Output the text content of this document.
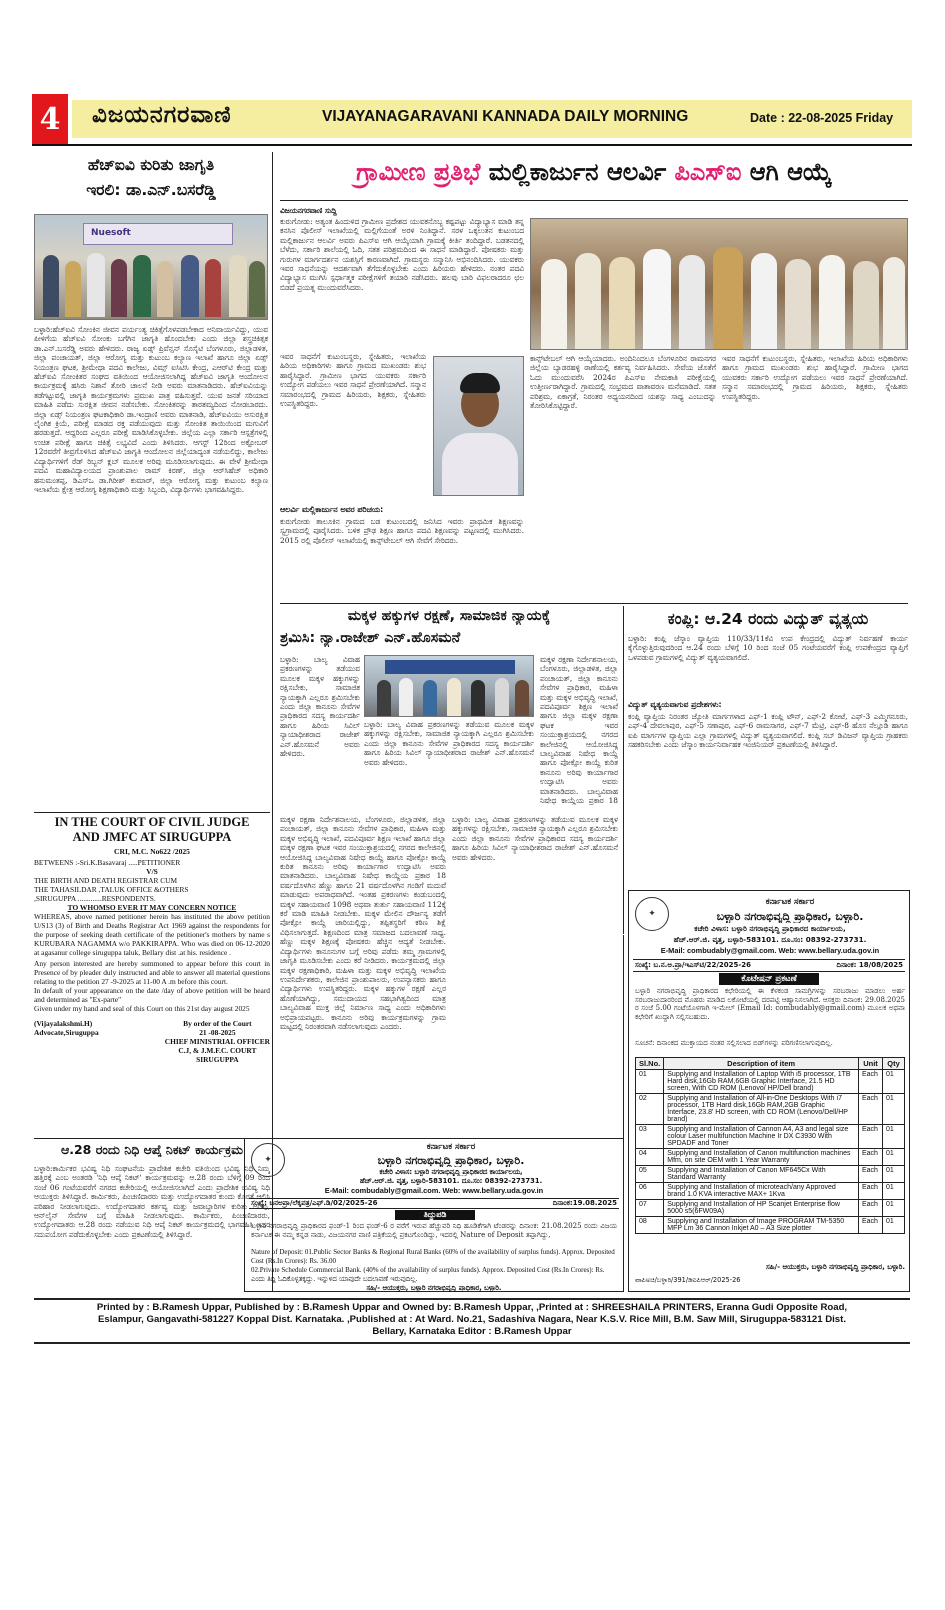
4	ವಿಜಯನಗರವಾಣಿ	VIJAYANAGARAVANI KANNADA DAILY MORNING	Date : 22-08-2025 Friday
ಹೆಚ್‌ಐವಿ ಕುರಿತು ಜಾಗೃತಿ
ಇರಲಿ: ಡಾ.ಎನ್.ಬಸರೆಡ್ಡಿ
Nuesoft
ಬಳ್ಳಾರಿ:ಹೆಚ್‌ಐವಿ ಸೋಂಕಿನ ಜೀವನ ಪರ್ಯಂತ್ಯ ಚಿಕಿತ್ಸೆಗೊಳಪಡಬೇಕಾದ ಅನಿವಾರ್ಯವಿದ್ದು, ಯುವ ಪೀಳಿಗೆಯ ಹೆಚ್‌ಐವಿ ಸೋಂಕು ಬಗೆಗಿನ ಜಾಗೃತಿ ಹೊಂದಬೇಕು ಎಂದು ಜಿಲ್ಲಾ ಶಸ್ತ್ರಚಿಕಿತ್ಸಕ ಡಾ.ಎನ್.ಬಸರೆಡ್ಡಿ ಅವರು ಹೇಳಿದರು. ರಾಜ್ಯ ಏಡ್ಸ್ ಪ್ರಿವೆನ್ಷನ್ ಸೊಸೈಟಿ ಬೆಂಗಳೂರು, ಜಿಲ್ಲಾಡಳಿತ, ಜಿಲ್ಲಾ ಪಂಚಾಯತ್, ಜಿಲ್ಲಾ ಆರೋಗ್ಯ ಮತ್ತು ಕುಟುಂಬ ಕಲ್ಯಾಣ ಇಲಾಖೆ ಹಾಗೂ ಜಿಲ್ಲಾ ಏಡ್ಸ್ ನಿಯಂತ್ರಣ ಘಟಕ, ಶ್ರೀಮೇಧಾ ಪದವಿ ಕಾಲೇಜು, ವಿಮ್ಸ್ ಐಸಿಟಿಸಿ ಕೇಂದ್ರ, ಎಆರ್‌ಟಿ ಕೇಂದ್ರ ಮತ್ತು ಹೆಚ್‌ಐವಿ ಸೋಂಕಿತರ ಸಂಘದ ವತಿಯಿಂದ ಆಯೋಜಿಸಲಾಗಿದ್ದ ಹೆಚ್‌ಐವಿ ಜಾಗೃತಿ ಆಂದೋಲನ ಕಾರ್ಯಕ್ರಮಕ್ಕೆ ಹಸಿರು ನಿಶಾನೆ ತೋರಿ ಚಾಲನೆ ನೀಡಿ ಅವರು ಮಾತನಾಡಿದರು. ಹೆಚ್‌ಐವಿಯನ್ನು ತಡೆಗಟ್ಟುವಲ್ಲಿ ಜಾಗೃತಿ ಕಾರ್ಯಕ್ರಮಗಳು ಪ್ರಮುಖ ಪಾತ್ರ ವಹಿಸುತ್ತವೆ. ಯುವ ಜನತೆ ಸರಿಯಾದ ಮಾಹಿತಿ ಪಡೆದು ಸುರಕ್ಷಿತ ಜೀವನ ನಡೆಸಬೇಕು. ಸೋಂಕಿತರನ್ನು ತಾರತಮ್ಯದಿಂದ ನೋಡಬಾರದು. ಜಿಲ್ಲಾ ಏಡ್ಸ್ ನಿಯಂತ್ರಣ ಘಟಕಾಧಿಕಾರಿ ಡಾ.ಇಂದ್ರಾಣಿ ಅವರು ಮಾತನಾಡಿ, ಹೆಚ್‌ಐವಿಯು ಅಸುರಕ್ಷಿತ ಲೈಂಗಿಕ ಕ್ರಿಯೆ, ಪರೀಕ್ಷೆ ಮಾಡದ ರಕ್ತ ಪಡೆಯುವುದು ಮತ್ತು ಸೋಂಕಿತ ತಾಯಿಯಿಂದ ಮಗುವಿಗೆ ಹರಡುತ್ತದೆ. ಆದ್ದರಿಂದ ಎಲ್ಲರೂ ಪರೀಕ್ಷೆ ಮಾಡಿಸಿಕೊಳ್ಳಬೇಕು. ಜಿಲ್ಲೆಯ ಎಲ್ಲಾ ಸರ್ಕಾರಿ ಆಸ್ಪತ್ರೆಗಳಲ್ಲಿ ಉಚಿತ ಪರೀಕ್ಷೆ ಹಾಗೂ ಚಿಕಿತ್ಸೆ ಲಭ್ಯವಿದೆ ಎಂದು ತಿಳಿಸಿದರು. ಆಗಸ್ಟ್ 12ರಿಂದ ಅಕ್ಟೋಬರ್ 12ರವರೆಗೆ ತೀವ್ರಗೊಳಿಸಿದ ಹೆಚ್‌ಐವಿ ಜಾಗೃತಿ ಆಂದೋಲನ ಜಿಲ್ಲೆಯಾದ್ಯಂತ ನಡೆಯಲಿದ್ದು, ಕಾಲೇಜು ವಿದ್ಯಾರ್ಥಿಗಳಿಗೆ ರೆಡ್ ರಿಬ್ಬನ್ ಕ್ಲಬ್ ಮೂಲಕ ಅರಿವು ಮೂಡಿಸಲಾಗುವುದು. ಈ ವೇಳೆ ಶ್ರೀಮೇಧಾ ಪದವಿ ಮಹಾವಿದ್ಯಾಲಯದ ಪ್ರಾಂಶುಪಾಲ ರಾಮ್ ಕಿರಣ್, ಜಿಲ್ಲಾ ಆರ್‌ಸಿಹೆಚ್ ಅಧಿಕಾರಿ ಹನುಮಂತಪ್ಪ, ಡಿಎಸ್‌ಒ ಡಾ.ಗಿರೀಶ್ ಕುಮಾರ್, ಜಿಲ್ಲಾ ಆರೋಗ್ಯ ಮತ್ತು ಕುಟುಂಬ ಕಲ್ಯಾಣ ಇಲಾಖೆಯ ಕ್ಷೇತ್ರ ಆರೋಗ್ಯ ಶಿಕ್ಷಣಾಧಿಕಾರಿ ಮತ್ತು ಸಿಬ್ಬಂದಿ, ವಿದ್ಯಾರ್ಥಿಗಳು ಭಾಗವಹಿಸಿದ್ದರು.
IN THE COURT OF CIVIL JUDGE
AND JMFC AT SIRUGUPPA
CRI, M.C. No622 /2025
BETWEENS :-Sri.K.Basavaraj .....PETITIONER
V/S
THE BIRTH AND DEATH REGISTRAR CUM
THE TAHASILDAR ,TALUK OFFICE &OTHERS
,SIRUGUPPA .............RESPONDENTS.
TO WHOMSO EVER IT MAY CONCERN NOTICE
WHEREAS, above named petitioner herein has instituted the above petition U/S13 (3) of Birth and Deaths Registrar Act 1969 against the respondents for the purpose of seeking death certificate of the petitioner's mothers by name s KURUBARA NAGAMMA w/o PAKKIRAPPA. Who was died on 06-12-2020 at agasanur college siruguppa taluk, Bellary dist .at his. residence .
Any person interested are hereby summoned to appear before this court in Presence of by pleader duly instructed and able to answer all material questions relating to the petition 27 -9-2025 at 11-00 A .m before this court.
In default of your appearance on the date /day of above petition will be heard and determined as "Ex-parte"
Given under my hand and seal of this Court on this 21st day august 2025
(Vijayalakshmi.H)
Advocate,Siruguppa
By order of the Court
21 -08-2025
CHIEF MINISTRIAL OFFICER
C.J, & J.M.F.C. COURT
SIRUGUPPA
ಆ.28 ರಂದು ನಿಧಿ ಆಪ್ಕೆ ನಿಕಟ್ ಕಾರ್ಯಕ್ರಮ
ಬಳ್ಳಾರಿ:ಕಾರ್ಮಿಕರ ಭವಿಷ್ಯ ನಿಧಿ ಸಂಘಟನೆಯ ಪ್ರಾದೇಶಿಕ ಕಚೇರಿ ವತಿಯಿಂದ ಭವಿಷ್ಯ ನಿಧಿ ನಿಮ್ಮ ಹತ್ತಿರಕ್ಕೆ ಎಂಬ ಅಂತರಡಿ 'ನಿಧಿ ಆಪ್ಕೆ ನಿಕಟ್' ಕಾರ್ಯಕ್ರಮವನ್ನು ಆ.28 ರಂದು ಬೆಳಿಗ್ಗೆ 09 ರಿಂದ ಸಂಜೆ 06 ಗಂಟೆಯವರೆಗೆ ನಗರದ ಕಚೇರಿಯಲ್ಲಿ ಆಯೋಜಿಸಲಾಗಿದೆ ಎಂದು ಪ್ರಾದೇಶಿಕ ಭವಿಷ್ಯ ನಿಧಿ ಆಯುಕ್ತರು ತಿಳಿಸಿದ್ದಾರೆ. ಕಾರ್ಮಿಕರು, ಪಿಂಚಣಿದಾರರು ಮತ್ತು ಉದ್ಯೋಗದಾತರ ಕುಂದು ಕೊರತೆ ಆಲಿಸಿ ಪರಿಹಾರ ನೀಡಲಾಗುವುದು. ಉದ್ಯೋಗದಾತರ ಕರ್ತವ್ಯ ಮತ್ತು ಜವಾಬ್ದಾರಿಗಳ ಕುರಿತು ಅರಿವು, ಆನ್‌ಲೈನ್ ಸೇವೆಗಳ ಬಗ್ಗೆ ಮಾಹಿತಿ ನೀಡಲಾಗುವುದು. ಕಾರ್ಮಿಕರು, ಪಿಂಚಣಿದಾರರು, ಉದ್ಯೋಗದಾತರು ಆ.28 ರಂದು ನಡೆಯುವ ನಿಧಿ ಆಪ್ಕೆ ನಿಕಟ್ ಕಾರ್ಯಕ್ರಮದಲ್ಲಿ ಭಾಗವಹಿಸಿ ಇದರ ಸದುಪಯೋಗ ಪಡೆದುಕೊಳ್ಳಬೇಕು ಎಂದು ಪ್ರಕಟಣೆಯಲ್ಲಿ ತಿಳಿಸಿದ್ದಾರೆ.
ಗ್ರಾಮೀಣ ಪ್ರತಿಭೆ ಮಲ್ಲಿಕಾರ್ಜುನ ಆಲರ್ವಿ ಪಿಎಸ್‌ಐ ಆಗಿ ಆಯ್ಕೆ
ವಿಜಯನಗರವಾಣಿ ಸುದ್ದಿ
ಕುರುಗೋಡು: ಅತ್ಯಂತ ಹಿಂದುಳಿದ ಗ್ರಾಮೀಣ ಪ್ರದೇಶದ ಯುವಕನೊಬ್ಬ ಕಷ್ಟಪಟ್ಟು ವಿದ್ಯಾಭ್ಯಾಸ ಮಾಡಿ ತನ್ನ ಕನಸಿನ ಪೊಲೀಸ್ ಇಲಾಖೆಯಲ್ಲಿ ಮಲ್ಲಿಗೆಯಂತೆ ಅರಳಿ ನಿಂತಿದ್ದಾನೆ. ಸರಳ ಒಕ್ಕಲುತನ ಕುಟುಂಬದ ಮಲ್ಲಿಕಾರ್ಜುನ ಆಲರ್ವಿ ಅವರು ಪಿಎಸ್‌ಐ ಆಗಿ ಆಯ್ಕೆಯಾಗಿ ಗ್ರಾಮಕ್ಕೆ ಕೀರ್ತಿ ತಂದಿದ್ದಾರೆ. ಬಡತನದಲ್ಲಿ ಬೆಳೆದು, ಸರ್ಕಾರಿ ಶಾಲೆಯಲ್ಲಿ ಓದಿ, ಸತತ ಪರಿಶ್ರಮದಿಂದ ಈ ಸಾಧನೆ ಮಾಡಿದ್ದಾರೆ. ಪೋಷಕರು ಮತ್ತು ಗುರುಗಳ ಮಾರ್ಗದರ್ಶನ ಯಶಸ್ಸಿಗೆ ಕಾರಣವಾಗಿದೆ. ಗ್ರಾಮಸ್ಥರು ಸನ್ಮಾನಿಸಿ ಅಭಿನಂದಿಸಿದರು. ಯುವಕರು ಇವರ ಸಾಧನೆಯನ್ನು ಆದರ್ಶವಾಗಿ ತೆಗೆದುಕೊಳ್ಳಬೇಕು ಎಂದು ಹಿರಿಯರು ಹೇಳಿದರು. ನಂತರ ಪದವಿ ವಿದ್ಯಾಭ್ಯಾಸ ಮುಗಿಸಿ ಸ್ಪರ್ಧಾತ್ಮಕ ಪರೀಕ್ಷೆಗಳಿಗೆ ತಯಾರಿ ನಡೆಸಿದರು. ಹಲವು ಬಾರಿ ವಿಫಲರಾದರೂ ಛಲ ಬಿಡದೆ ಪ್ರಯತ್ನ ಮುಂದುವರೆಸಿದರು.
ಇವರ ಸಾಧನೆಗೆ ಕುಟುಂಬಸ್ಥರು, ಸ್ನೇಹಿತರು, ಇಲಾಖೆಯ ಹಿರಿಯ ಅಧಿಕಾರಿಗಳು ಹಾಗೂ ಗ್ರಾಮದ ಮುಖಂಡರು ಶುಭ ಹಾರೈಸಿದ್ದಾರೆ. ಗ್ರಾಮೀಣ ಭಾಗದ ಯುವಕರು ಸರ್ಕಾರಿ ಉದ್ಯೋಗ ಪಡೆಯಲು ಇವರ ಸಾಧನೆ ಪ್ರೇರಣೆಯಾಗಿದೆ. ಸನ್ಮಾನ ಸಮಾರಂಭದಲ್ಲಿ ಗ್ರಾಮದ ಹಿರಿಯರು, ಶಿಕ್ಷಕರು, ಸ್ನೇಹಿತರು ಉಪಸ್ಥಿತರಿದ್ದರು.
ಆಲರ್ವಿ ಮಲ್ಲಿಕಾರ್ಜುನ ಅವರ ಪರಿಚಯ:
ಕುರುಗೋಡು ತಾಲೂಕಿನ ಗ್ರಾಮದ ಬಡ ಕುಟುಂಬದಲ್ಲಿ ಜನಿಸಿದ ಇವರು ಪ್ರಾಥಮಿಕ ಶಿಕ್ಷಣವನ್ನು ಸ್ವಗ್ರಾಮದಲ್ಲಿ ಪೂರೈಸಿದರು. ಬಳಿಕ ಪ್ರೌಢ ಶಿಕ್ಷಣ ಹಾಗೂ ಪದವಿ ಶಿಕ್ಷಣವನ್ನು ಪಟ್ಟಣದಲ್ಲಿ ಮುಗಿಸಿದರು. 2015 ರಲ್ಲಿ ಪೊಲೀಸ್ ಇಲಾಖೆಯಲ್ಲಿ ಕಾನ್ಸ್‌ಟೇಬಲ್ ಆಗಿ ಸೇವೆಗೆ ಸೇರಿದರು.
ಕಾನ್ಸ್‌ಟೇಬಲ್ ಆಗಿ ಆಯ್ಕೆಯಾದರು. ಅಂದಿನಿಂದಲೂ ಬೆಂಗಳೂರಿನ ರಾಮನಗರ ಜಿಲ್ಲೆಯ ಬ್ಯಾಡರಹಳ್ಳಿ ಠಾಣೆಯಲ್ಲಿ ಕರ್ತವ್ಯ ನಿರ್ವಹಿಸಿದರು. ಸೇವೆಯ ಜೊತೆಗೆ ಓದು ಮುಂದುವರೆಸಿ 2024ರ ಪಿಎಸ್‌ಐ ನೇಮಕಾತಿ ಪರೀಕ್ಷೆಯಲ್ಲಿ ಉತ್ತೀರ್ಣರಾಗಿದ್ದಾರೆ. ಗ್ರಾಮದಲ್ಲಿ ಸಂಭ್ರಮದ ವಾತಾವರಣ ಮನೆಮಾಡಿದೆ. ಸತತ ಪರಿಶ್ರಮ, ಏಕಾಗ್ರತೆ, ನಿರಂತರ ಅಧ್ಯಯನದಿಂದ ಯಶಸ್ಸು ಸಾಧ್ಯ ಎಂಬುದನ್ನು ತೋರಿಸಿಕೊಟ್ಟಿದ್ದಾರೆ.
ಇವರ ಸಾಧನೆಗೆ ಕುಟುಂಬಸ್ಥರು, ಸ್ನೇಹಿತರು, ಇಲಾಖೆಯ ಹಿರಿಯ ಅಧಿಕಾರಿಗಳು ಹಾಗೂ ಗ್ರಾಮದ ಮುಖಂಡರು ಶುಭ ಹಾರೈಸಿದ್ದಾರೆ. ಗ್ರಾಮೀಣ ಭಾಗದ ಯುವಕರು ಸರ್ಕಾರಿ ಉದ್ಯೋಗ ಪಡೆಯಲು ಇವರ ಸಾಧನೆ ಪ್ರೇರಣೆಯಾಗಿದೆ. ಸನ್ಮಾನ ಸಮಾರಂಭದಲ್ಲಿ ಗ್ರಾಮದ ಹಿರಿಯರು, ಶಿಕ್ಷಕರು, ಸ್ನೇಹಿತರು ಉಪಸ್ಥಿತರಿದ್ದರು.
ಮಕ್ಕಳ ಹಕ್ಕುಗಳ ರಕ್ಷಣೆ, ಸಾಮಾಜಿಕ ನ್ಯಾಯಕ್ಕೆ
ಶ್ರಮಿಸಿ: ನ್ಯಾ.ರಾಜೇಶ್ ಎನ್.ಹೊಸಮನೆ
ಬಳ್ಳಾರಿ: ಬಾಲ್ಯ ವಿವಾಹ ಪ್ರಕರಣಗಳನ್ನು ತಡೆಯುವ ಮೂಲಕ ಮಕ್ಕಳ ಹಕ್ಕುಗಳನ್ನು ರಕ್ಷಿಸಬೇಕು, ಸಾಮಾಜಿಕ ನ್ಯಾಯಕ್ಕಾಗಿ ಎಲ್ಲರೂ ಶ್ರಮಿಸಬೇಕು ಎಂದು ಜಿಲ್ಲಾ ಕಾನೂನು ಸೇವೆಗಳ ಪ್ರಾಧಿಕಾರದ ಸದಸ್ಯ ಕಾರ್ಯದರ್ಶಿ ಹಾಗೂ ಹಿರಿಯ ಸಿವಿಲ್ ನ್ಯಾಯಾಧೀಶರಾದ ರಾಜೇಶ್ ಎನ್.ಹೊಸಮನೆ ಅವರು ಹೇಳಿದರು.
ಬಳ್ಳಾರಿ: ಬಾಲ್ಯ ವಿವಾಹ ಪ್ರಕರಣಗಳನ್ನು ತಡೆಯುವ ಮೂಲಕ ಮಕ್ಕಳ ಹಕ್ಕುಗಳನ್ನು ರಕ್ಷಿಸಬೇಕು, ಸಾಮಾಜಿಕ ನ್ಯಾಯಕ್ಕಾಗಿ ಎಲ್ಲರೂ ಶ್ರಮಿಸಬೇಕು ಎಂದು ಜಿಲ್ಲಾ ಕಾನೂನು ಸೇವೆಗಳ ಪ್ರಾಧಿಕಾರದ ಸದಸ್ಯ ಕಾರ್ಯದರ್ಶಿ ಹಾಗೂ ಹಿರಿಯ ಸಿವಿಲ್ ನ್ಯಾಯಾಧೀಶರಾದ ರಾಜೇಶ್ ಎನ್.ಹೊಸಮನೆ ಅವರು ಹೇಳಿದರು.
ಮಕ್ಕಳ ರಕ್ಷಣಾ ನಿರ್ದೇಶನಾಲಯ, ಬೆಂಗಳೂರು, ಜಿಲ್ಲಾಡಳಿತ, ಜಿಲ್ಲಾ ಪಂಚಾಯತ್, ಜಿಲ್ಲಾ ಕಾನೂನು ಸೇವೆಗಳ ಪ್ರಾಧಿಕಾರ, ಮಹಿಳಾ ಮತ್ತು ಮಕ್ಕಳ ಅಭಿವೃದ್ಧಿ ಇಲಾಖೆ, ಪದವಿಪೂರ್ವ ಶಿಕ್ಷಣ ಇಲಾಖೆ ಹಾಗೂ ಜಿಲ್ಲಾ ಮಕ್ಕಳ ರಕ್ಷಣಾ ಘಟಕ ಇವರ ಸಂಯುಕ್ತಾಶ್ರಯದಲ್ಲಿ ನಗರದ ಕಾಲೇಜಿನಲ್ಲಿ ಆಯೋಜಿಸಿದ್ದ ಬಾಲ್ಯವಿವಾಹ ನಿಷೇಧ ಕಾಯ್ದೆ ಹಾಗೂ ಪೋಕ್ಸೋ ಕಾಯ್ದೆ ಕುರಿತ ಕಾನೂನು ಅರಿವು ಕಾರ್ಯಾಗಾರ ಉದ್ಘಾಟಿಸಿ ಅವರು ಮಾತನಾಡಿದರು. ಬಾಲ್ಯವಿವಾಹ ನಿಷೇಧ ಕಾಯ್ದೆಯ ಪ್ರಕಾರ 18
ಮಕ್ಕಳ ರಕ್ಷಣಾ ನಿರ್ದೇಶನಾಲಯ, ಬೆಂಗಳೂರು, ಜಿಲ್ಲಾಡಳಿತ, ಜಿಲ್ಲಾ ಪಂಚಾಯತ್, ಜಿಲ್ಲಾ ಕಾನೂನು ಸೇವೆಗಳ ಪ್ರಾಧಿಕಾರ, ಮಹಿಳಾ ಮತ್ತು ಮಕ್ಕಳ ಅಭಿವೃದ್ಧಿ ಇಲಾಖೆ, ಪದವಿಪೂರ್ವ ಶಿಕ್ಷಣ ಇಲಾಖೆ ಹಾಗೂ ಜಿಲ್ಲಾ ಮಕ್ಕಳ ರಕ್ಷಣಾ ಘಟಕ ಇವರ ಸಂಯುಕ್ತಾಶ್ರಯದಲ್ಲಿ ನಗರದ ಕಾಲೇಜಿನಲ್ಲಿ ಆಯೋಜಿಸಿದ್ದ ಬಾಲ್ಯವಿವಾಹ ನಿಷೇಧ ಕಾಯ್ದೆ ಹಾಗೂ ಪೋಕ್ಸೋ ಕಾಯ್ದೆ ಕುರಿತ ಕಾನೂನು ಅರಿವು ಕಾರ್ಯಾಗಾರ ಉದ್ಘಾಟಿಸಿ ಅವರು ಮಾತನಾಡಿದರು. ಬಾಲ್ಯವಿವಾಹ ನಿಷೇಧ ಕಾಯ್ದೆಯ ಪ್ರಕಾರ 18 ವರ್ಷದೊಳಗಿನ ಹೆಣ್ಣು ಹಾಗೂ 21 ವರ್ಷದೊಳಗಿನ ಗಂಡಿಗೆ ಮದುವೆ ಮಾಡುವುದು ಅಪರಾಧವಾಗಿದೆ. ಇಂತಹ ಪ್ರಕರಣಗಳು ಕಂಡುಬಂದಲ್ಲಿ ಮಕ್ಕಳ ಸಹಾಯವಾಣಿ 1098 ಅಥವಾ ತುರ್ತು ಸಹಾಯವಾಣಿ 112ಕ್ಕೆ ಕರೆ ಮಾಡಿ ಮಾಹಿತಿ ನೀಡಬೇಕು. ಮಕ್ಕಳ ಮೇಲಿನ ದೌರ್ಜನ್ಯ ತಡೆಗೆ ಪೋಕ್ಸೋ ಕಾಯ್ದೆ ಜಾರಿಯಲ್ಲಿದ್ದು, ತಪ್ಪಿತಸ್ಥರಿಗೆ ಕಠಿಣ ಶಿಕ್ಷೆ ವಿಧಿಸಲಾಗುತ್ತದೆ. ಶಿಕ್ಷಣದಿಂದ ಮಾತ್ರ ಸಮಾಜದ ಬದಲಾವಣೆ ಸಾಧ್ಯ. ಹೆಣ್ಣು ಮಕ್ಕಳ ಶಿಕ್ಷಣಕ್ಕೆ ಪೋಷಕರು ಹೆಚ್ಚಿನ ಆದ್ಯತೆ ನೀಡಬೇಕು. ವಿದ್ಯಾರ್ಥಿಗಳು ಕಾನೂನುಗಳ ಬಗ್ಗೆ ಅರಿವು ಪಡೆದು ತಮ್ಮ ಗ್ರಾಮಗಳಲ್ಲಿ ಜಾಗೃತಿ ಮೂಡಿಸಬೇಕು ಎಂದು ಕರೆ ನೀಡಿದರು. ಕಾರ್ಯಕ್ರಮದಲ್ಲಿ ಜಿಲ್ಲಾ ಮಕ್ಕಳ ರಕ್ಷಣಾಧಿಕಾರಿ, ಮಹಿಳಾ ಮತ್ತು ಮಕ್ಕಳ ಅಭಿವೃದ್ಧಿ ಇಲಾಖೆಯ ಉಪನಿರ್ದೇಶಕರು, ಕಾಲೇಜಿನ ಪ್ರಾಂಶುಪಾಲರು, ಉಪನ್ಯಾಸಕರು ಹಾಗೂ ವಿದ್ಯಾರ್ಥಿಗಳು ಉಪಸ್ಥಿತರಿದ್ದರು. ಮಕ್ಕಳ ಹಕ್ಕುಗಳ ರಕ್ಷಣೆ ಎಲ್ಲರ ಹೊಣೆಯಾಗಿದ್ದು, ಸಮುದಾಯದ ಸಹಭಾಗಿತ್ವದಿಂದ ಮಾತ್ರ ಬಾಲ್ಯವಿವಾಹ ಮುಕ್ತ ಜಿಲ್ಲೆ ನಿರ್ಮಾಣ ಸಾಧ್ಯ ಎಂದು ಅಧಿಕಾರಿಗಳು ಅಭಿಪ್ರಾಯಪಟ್ಟರು. ಕಾನೂನು ಅರಿವು ಕಾರ್ಯಕ್ರಮಗಳನ್ನು ಗ್ರಾಮ ಮಟ್ಟದಲ್ಲಿ ನಿರಂತರವಾಗಿ ನಡೆಸಲಾಗುವುದು ಎಂದರು.
ಬಳ್ಳಾರಿ: ಬಾಲ್ಯ ವಿವಾಹ ಪ್ರಕರಣಗಳನ್ನು ತಡೆಯುವ ಮೂಲಕ ಮಕ್ಕಳ ಹಕ್ಕುಗಳನ್ನು ರಕ್ಷಿಸಬೇಕು, ಸಾಮಾಜಿಕ ನ್ಯಾಯಕ್ಕಾಗಿ ಎಲ್ಲರೂ ಶ್ರಮಿಸಬೇಕು ಎಂದು ಜಿಲ್ಲಾ ಕಾನೂನು ಸೇವೆಗಳ ಪ್ರಾಧಿಕಾರದ ಸದಸ್ಯ ಕಾರ್ಯದರ್ಶಿ ಹಾಗೂ ಹಿರಿಯ ಸಿವಿಲ್ ನ್ಯಾಯಾಧೀಶರಾದ ರಾಜೇಶ್ ಎನ್.ಹೊಸಮನೆ ಅವರು ಹೇಳಿದರು.
ಕಂಪ್ಲಿ: ಆ.24 ರಂದು ವಿದ್ಯುತ್ ವ್ಯತ್ಯಯ
ಬಳ್ಳಾರಿ: ಕಂಪ್ಲಿ ಜೆಸ್ಕಾಂ ವ್ಯಾಪ್ತಿಯ 110/33/11ಕೆವಿ ಉಪ ಕೇಂದ್ರದಲ್ಲಿ ವಿದ್ಯುತ್ ನಿರ್ವಹಣೆ ಕಾರ್ಯ ಕೈಗೊಳ್ಳುತ್ತಿರುವುದರಿಂದ ಆ.24 ರಂದು ಬೆಳಿಗ್ಗೆ 10 ರಿಂದ ಸಂಜೆ 05 ಗಂಟೆಯವರೆಗೆ ಕಂಪ್ಲಿ ಉಪಕೇಂದ್ರದ ವ್ಯಾಪ್ತಿಗೆ ಒಳಪಡುವ ಗ್ರಾಮಗಳಲ್ಲಿ ವಿದ್ಯುತ್ ವ್ಯತ್ಯಯವಾಗಲಿದೆ.
ವಿದ್ಯುತ್ ವ್ಯತ್ಯಯವಾಗುವ ಪ್ರದೇಶಗಳು:
ಕಂಪ್ಲಿ ವ್ಯಾಪ್ತಿಯ ನಿರಂತರ ಜ್ಯೋತಿ ಮಾರ್ಗಗಳಾದ ಎಫ್-1 ಕಂಪ್ಲಿ ಟೌನ್, ಎಫ್-2 ಕೋಟೆ, ಎಫ್-3 ಎಮ್ಮಿಗನೂರು, ಎಫ್-4 ದೇವಲಾಪುರ, ಎಫ್-5 ಸಣಾಪುರ, ಎಫ್-6 ರಾಮಸಾಗರ, ಎಫ್-7 ಮೆಟ್ರಿ, ಎಫ್-8 ಹೊಸ ನೆಲ್ಲೂಡಿ ಹಾಗೂ ಐಪಿ ಮಾರ್ಗಗಳ ವ್ಯಾಪ್ತಿಯ ಎಲ್ಲಾ ಗ್ರಾಮಗಳಲ್ಲಿ ವಿದ್ಯುತ್ ವ್ಯತ್ಯಯವಾಗಲಿದೆ. ಕಂಪ್ಲಿ ಸಬ್ ಡಿವಿಜನ್ ವ್ಯಾಪ್ತಿಯ ಗ್ರಾಹಕರು ಸಹಕರಿಸಬೇಕು ಎಂದು ಜೆಸ್ಕಾಂ ಕಾರ್ಯನಿರ್ವಾಹಕ ಇಂಜಿನಿಯರ್ ಪ್ರಕಟಣೆಯಲ್ಲಿ ತಿಳಿಸಿದ್ದಾರೆ.
✦
ಕರ್ನಾಟಕ ಸರ್ಕಾರ
ಬಳ್ಳಾರಿ ನಗರಾಭಿವೃದ್ಧಿ ಪ್ರಾಧಿಕಾರ, ಬಳ್ಳಾರಿ.
ಕಚೇರಿ ವಿಳಾಸ: ಬಳ್ಳಾರಿ ನಗರಾಭಿವೃದ್ಧಿ ಪ್ರಾಧಿಕಾರದ ಕಾರ್ಯಾಲಯ,
ಹೆಚ್.ಆರ್.ಜಿ. ವೃತ್ತ, ಬಳ್ಳಾರಿ-583101. ದೂ.ಸಂ: 08392-273731.
E-Mail: combudably@gmail.com. Web: www.bellary.uda.gov.in
ಸಂಖ್ಯೆ: ಬ.ನ.ಅ.ಪ್ರಾ/ಇಎಸ್‌ಟಿ/22/2025-26	ದಿನಾಂಕ: 18/08/2025
ಕೊಟೇಷನ್ ಪ್ರಕಟಣೆ
ಬಳ್ಳಾರಿ ನಗರಾಭಿವೃದ್ಧಿ ಪ್ರಾಧಿಕಾರದ ಕಛೇರಿಯಲ್ಲಿ ಈ ಕೆಳಕಂಡ ಸಾಮಗ್ರಿಗಳನ್ನು ಸರಬರಾಜು ಮಾಡಲು ಅರ್ಹ ಸರಬರಾಜುದಾರರಿಂದ ಮೊಹರು ಮಾಡಿದ ಲಕೋಟೆಯಲ್ಲಿ ದರಪಟ್ಟಿ ಆಹ್ವಾನಿಸಲಾಗಿದೆ. ಆಸಕ್ತರು ದಿನಾಂಕ: 29.08.2025 ರ ಸಂಜೆ 5.00 ಗಂಟೆಯೊಳಗಾಗಿ ಇ-ಮೇಲ್ (Email Id: combudably@gmail.com) ಮೂಲಕ ಅಥವಾ ಕಛೇರಿಗೆ ಖುದ್ದಾಗಿ ಸಲ್ಲಿಸಬಹುದು.
ಸೂಚನೆ: ದಿನಾಂಕದ ಮುಕ್ತಾಯದ ನಂತರ ಸಲ್ಲಿಸಲಾದ ಬಿಡ್‌ಗಳನ್ನು ಪರಿಗಣಿಸಲಾಗುವುದಿಲ್ಲ.
Sl.No.	Description of item	Unit	Qty
01	Supplying and Installation of Laptop With i5 processor, 1TB Hard disk,16Gb RAM,6GB Graphic Interface, 21.5 HD screen, With CD ROM (Lenovo/ HP/Dell brand)	Each	01
02	Supplying and Installation of All-in-One Desktops With i7 processor, 1TB Hard disk,16Gb RAM,2GB Graphic Interface, 23.8' HD screen, with CD ROM (Lenovo/Dell/HP brand)	Each	01
03	Supplying and Installation of Cannon A4, A3 and legal size colour Laser multifunction Machine Ir DX C3930 With SPDADF and Toner	Each	01
04	Supplying and Installation of Canon multifunction machines Mfm, on site OEM with 1 Year Warranty	Each	01
05	Supplying and Installation of Canon MF645Cx With Standard Warranty	Each	01
06	Supplying and Installation of microteach/any Approved brand 1.0 KVA interactive MAX+ 1Kva	Each	01
07	Supplying and Installation of HP Scanjet Enterprise flow 5000 s5(6FW09A)	Each	01
08	Supplying and Installation of Image PROGRAM TM-5350 MFP Lm 36 Cannon Inkjet A0 – A3 Size plotter	Each	01
ಸಹಿ/- ಆಯುಕ್ತರು, ಬಳ್ಳಾರಿ ನಗರಾಭಿವೃದ್ಧಿ ಪ್ರಾಧಿಕಾರ, ಬಳ್ಳಾರಿ.
ವಾಪಿಅಚಿ/ಬಳ್ಳಾರಿ/391/ಡಿಐಪಿಆರ್/2025-26
✦
ಕರ್ನಾಟಕ ಸರ್ಕಾರ
ಬಳ್ಳಾರಿ ನಗರಾಭಿವೃದ್ಧಿ ಪ್ರಾಧಿಕಾರ, ಬಳ್ಳಾರಿ.
ಕಚೇರಿ ವಿಳಾಸ: ಬಳ್ಳಾರಿ ನಗರಾಭಿವೃದ್ಧಿ ಪ್ರಾಧಿಕಾರದ ಕಾರ್ಯಾಲಯ,
ಹೆಚ್.ಆರ್.ಜಿ. ವೃತ್ತ, ಬಳ್ಳಾರಿ-583101. ದೂ.ಸಂ: 08392-273731.
E-Mail: combudably@gmail.com. Web: www.bellary.uda.gov.in
ಸಂಖ್ಯೆ: ಬನಅಪ್ರಾ/ಲೆಕ್ಕಪತ್ರ/ಎಫ್.ಡಿ/02/2025-26	ದಿನಾಂಕ:19.08.2025
ತಿದ್ದುಪಡಿ
ಬಳ್ಳಾರಿ ನಗರಾಭಿವೃದ್ಧಿ ಪ್ರಾಧಿಕಾರದ ಫಂಡ್-1 ರಿಂದ ಫಂಡ್-6 ರ ವರೆಗೆ ಇರುವ ಹೆಚ್ಚುವರಿ ನಿಧಿ ಹೂಡಿಕೆಗಾಗಿ ಟೆಂಡರನ್ನು ದಿನಾಂಕ: 21.08.2025 ರಂದು ವಿಜಯ ಕರ್ನಾಟಕ ಈ ನಮ್ಮ ಕನ್ನಡ ನಾಡು, ವಿಜಯನಗರ ವಾಣಿ ಪತ್ರಿಕೆಯಲ್ಲಿ ಪ್ರಕಟಗೊಂಡಿದ್ದು, ಇದರಲ್ಲಿ Nature of Deposit ತಪ್ಪಾಗಿದ್ದು,
Nature of Deposit: 01.Public Sector Banks & Regional Rural Banks (60% of the availability of surplus funds). Approx. Deposited Cost (Rs.In Crores): Rs. 36.00
02.Private Schedule Commercial Bank. (40% of the availability of surplus funds). Approx. Deposited Cost (Rs.In Crores): Rs.
ಎಂದು ತಿದ್ದಿ ಓದಿಕೊಳ್ಳತಕ್ಕದ್ದು. ಇನ್ನುಳಿದ ಯಾವುದೇ ಬದಲಾವಣೆ ಇರುವುದಿಲ್ಲ.
ಸಹಿ/- ಆಯುಕ್ತರು, ಬಳ್ಳಾರಿ ನಗರಾಭಿವೃದ್ಧಿ ಪ್ರಾಧಿಕಾರ, ಬಳ್ಳಾರಿ.
Printed by : B.Ramesh Uppar, Published by : B.Ramesh Uppar and Owned by: B.Ramesh Uppar, ,Printed at : SHREESHAILA PRINTERS, Eranna Gudi Opposite Road,
Eslampur, Gangavathi-581227 Koppal Dist. Karnataka. ,Published at : At Ward. No.21, Sadashiva Nagara, Near K.S.V. Rice Mill, B.M. Saw Mill, Siruguppa-583121 Dist.
Bellary, Karnataka Editor : B.Ramesh Uppar
